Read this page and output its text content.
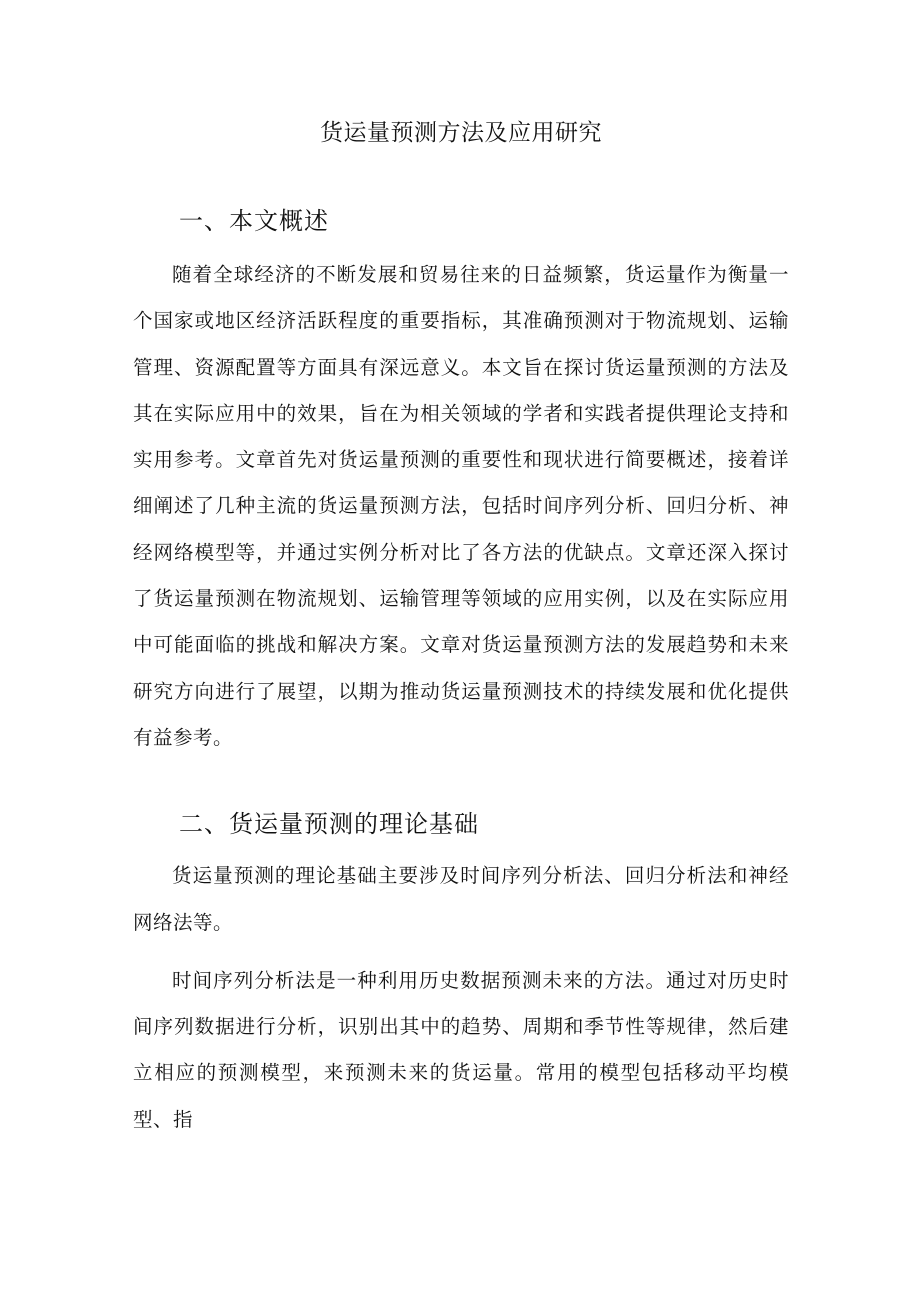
货运量预测方法及应用研究
一、本文概述

随着全球经济的不断发展和贸易往来的日益频繁，货运量作为衡量一个国家或地区经济活跃程度的重要指标，其准确预测对于物流规划、运输管理、资源配置等方面具有深远意义。本文旨在探讨货运量预测的方法及其在实际应用中的效果，旨在为相关领域的学者和实践者提供理论支持和实用参考。文章首先对货运量预测的重要性和现状进行简要概述，接着详细阐述了几种主流的货运量预测方法，包括时间序列分析、回归分析、神经网络模型等，并通过实例分析对比了各方法的优缺点。文章还深入探讨了货运量预测在物流规划、运输管理等领域的应用实例，以及在实际应用中可能面临的挑战和解决方案。文章对货运量预测方法的发展趋势和未来研究方向进行了展望，以期为推动货运量预测技术的持续发展和优化提供有益参考。

二、货运量预测的理论基础

货运量预测的理论基础主要涉及时间序列分析法、回归分析法和神经网络法等。

时间序列分析法是一种利用历史数据预测未来的方法。通过对历史时间序列数据进行分析，识别出其中的趋势、周期和季节性等规律，然后建立相应的预测模型，来预测未来的货运量。常用的模型包括移动平均模型、指
